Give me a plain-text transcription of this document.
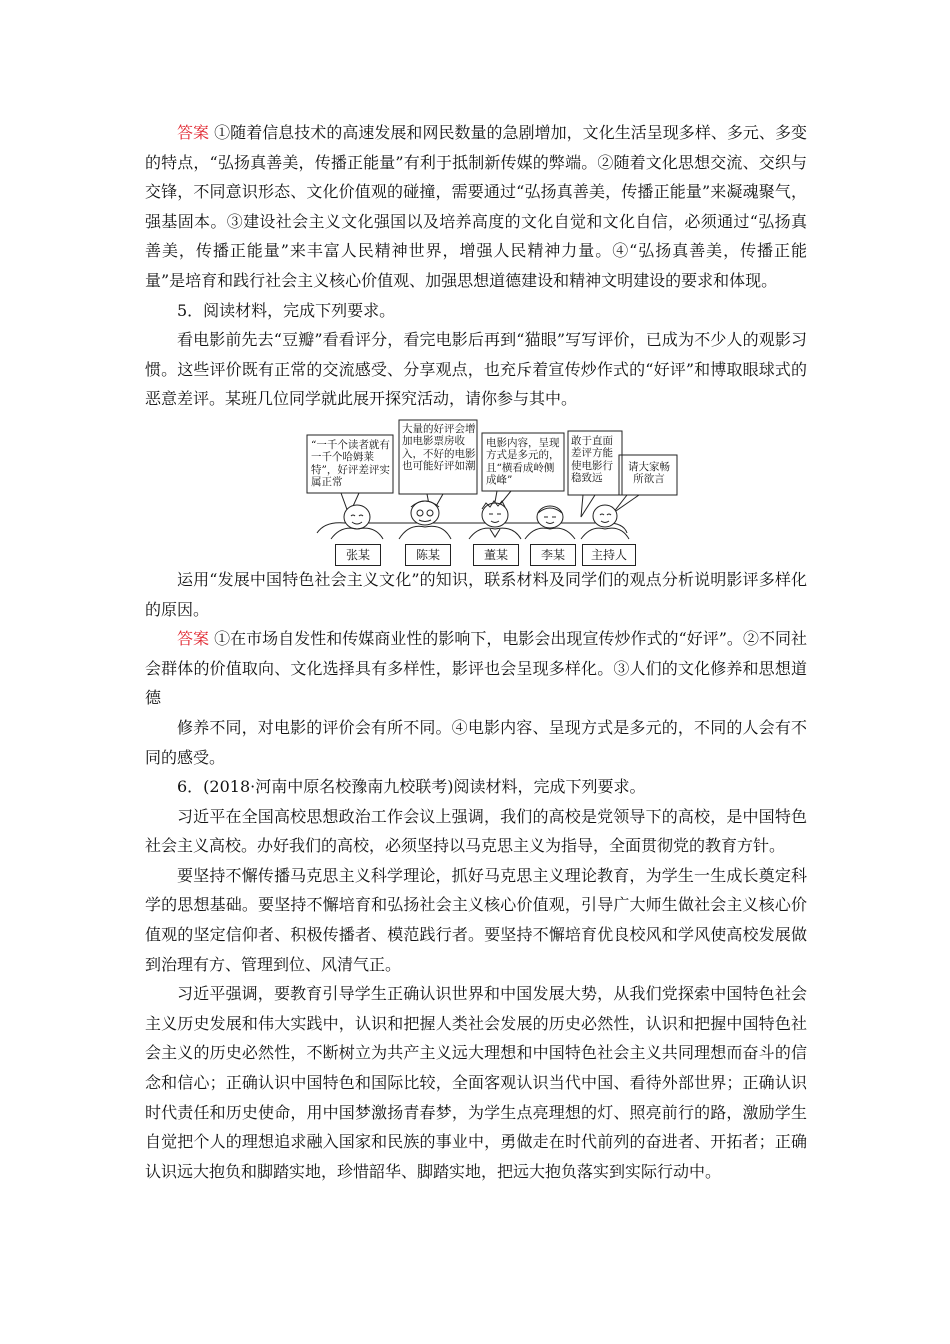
答案 ①随着信息技术的高速发展和网民数量的急剧增加，文化生活呈现多样、多元、多变的特点，“弘扬真善美，传播正能量”有利于抵制新传媒的弊端。②随着文化思想交流、交织与交锋，不同意识形态、文化价值观的碰撞，需要通过“弘扬真善美，传播正能量”来凝魂聚气，强基固本。③建设社会主义文化强国以及培养高度的文化自觉和文化自信，必须通过“弘扬真善美，传播正能量”来丰富人民精神世界，增强人民精神力量。④“弘扬真善美，传播正能量”是培育和践行社会主义核心价值观、加强思想道德建设和精神文明建设的要求和体现。

5．阅读材料，完成下列要求。

看电影前先去“豆瓣”看看评分，看完电影后再到“猫眼”写写评价，已成为不少人的观影习惯。这些评价既有正常的交流感受、分享观点，也充斥着宣传炒作式的“好评”和博取眼球式的恶意差评。某班几位同学就此展开探究活动，请你参与其中。

“一千个读者就有一千个哈姆莱特”，好评差评实属正常
大量的好评会增加电影票房收入，不好的电影也可能好评如潮
电影内容，呈现方式是多元的，且“横看成岭侧成峰”
敢于直面差评方能使电影行稳致远
请大家畅所欲言
张某	陈某	董某	李某	主持人

运用“发展中国特色社会主义文化”的知识，联系材料及同学们的观点分析说明影评多样化的原因。

答案 ①在市场自发性和传媒商业性的影响下，电影会出现宣传炒作式的“好评”。②不同社会群体的价值取向、文化选择具有多样性，影评也会呈现多样化。③人们的文化修养和思想道德

修养不同，对电影的评价会有所不同。④电影内容、呈现方式是多元的，不同的人会有不同的感受。

6．(2018·河南中原名校豫南九校联考)阅读材料，完成下列要求。

习近平在全国高校思想政治工作会议上强调，我们的高校是党领导下的高校，是中国特色社会主义高校。办好我们的高校，必须坚持以马克思主义为指导，全面贯彻党的教育方针。

要坚持不懈传播马克思主义科学理论，抓好马克思主义理论教育，为学生一生成长奠定科学的思想基础。要坚持不懈培育和弘扬社会主义核心价值观，引导广大师生做社会主义核心价值观的坚定信仰者、积极传播者、模范践行者。要坚持不懈培育优良校风和学风使高校发展做到治理有方、管理到位、风清气正。

习近平强调，要教育引导学生正确认识世界和中国发展大势，从我们党探索中国特色社会主义历史发展和伟大实践中，认识和把握人类社会发展的历史必然性，认识和把握中国特色社会主义的历史必然性，不断树立为共产主义远大理想和中国特色社会主义共同理想而奋斗的信念和信心；正确认识中国特色和国际比较，全面客观认识当代中国、看待外部世界；正确认识时代责任和历史使命，用中国梦激扬青春梦，为学生点亮理想的灯、照亮前行的路，激励学生自觉把个人的理想追求融入国家和民族的事业中，勇做走在时代前列的奋进者、开拓者；正确认识远大抱负和脚踏实地，珍惜韶华、脚踏实地，把远大抱负落实到实际行动中。
